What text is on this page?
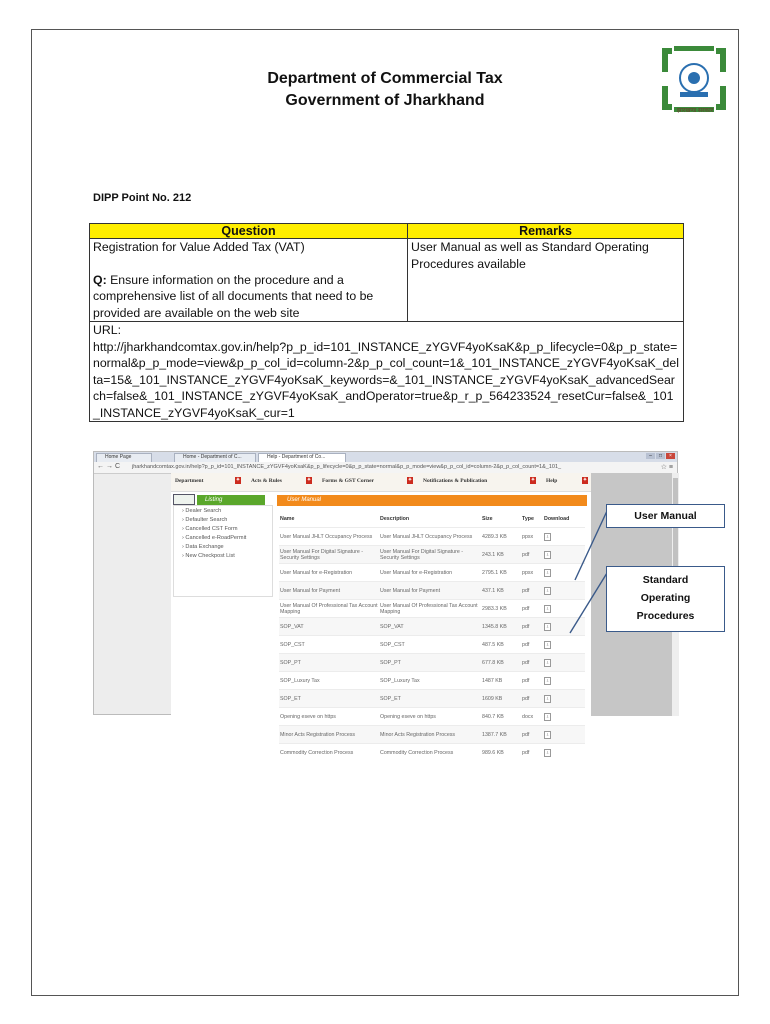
Department of Commercial Tax
Government of Jharkhand
झारखण्ड सरकार
DIPP Point No. 212
Question	Remarks

Registration for Value Added Tax (VAT)
Q: Ensure information on the procedure and a comprehensive list of all documents that need to be provided are available on the web site	User Manual as well as Standard Operating Procedures available

URL:
http://jharkhandcomtax.gov.in/help?p_p_id=101_INSTANCE_zYGVF4yoKsaK&p_p_lifecycle=0&p_p_state=normal&p_p_mode=view&p_p_col_id=column-2&p_p_col_count=1&_101_INSTANCE_zYGVF4yoKsaK_delta=15&_101_INSTANCE_zYGVF4yoKsaK_keywords=&_101_INSTANCE_zYGVF4yoKsaK_advancedSearch=false&_101_INSTANCE_zYGVF4yoKsaK_andOperator=true&p_r_p_564233524_resetCur=false&_101_INSTANCE_zYGVF4yoKsaK_cur=1	
Home Page	Home - Department of C...	Help - Department of Co...	–	□	×
←→C jharkhandcomtax.gov.in/help?p_p_id=101_INSTANCE_zYGVF4yoKsaK&p_p_lifecycle=0&p_p_state=normal&p_p_mode=view&p_p_col_id=column-2&p_p_col_count=1&_101_	☆ ≡
Department	✦ Acts & Rules	✦ Forms & GST Corner	✦ Notifications & Publication	✦ Help	✦
Listing
› Dealer Search
› Defaulter Search
› Cancelled CST Form
› Cancelled e-RoadPermit
› Data Exchange
› New Checkpost List
User Manual
Name	Description	Size	Type	Download
User Manual JHLT Occupancy Process	User Manual JHLT Occupancy Process	4289.3 KB	ppsx	⇩
User Manual For Digital Signature -Security Settings	User Manual For Digital Signature -Security Settings	243.1 KB	pdf	⇩
User Manual for e-Registration	User Manual for e-Registration	2795.1 KB	ppsx	⇩
User Manual for Payment	User Manual for Payment	437.1 KB	pdf	⇩
User Manual Of Professional Tax Account Mapping	User Manual Of Professional Tax Account Mapping	2983.3 KB	pdf	⇩
SOP_VAT	SOP_VAT	1345.8 KB	pdf	⇩
SOP_CST	SOP_CST	487.5 KB	pdf	⇩
SOP_PT	SOP_PT	677.8 KB	pdf	⇩
SOP_Luxury Tax	SOP_Luxury Tax	1487 KB	pdf	⇩
SOP_ET	SOP_ET	1609 KB	pdf	⇩
Opening eseve on https	Opening eseve on https	840.7 KB	docx	⇩
Minor Acts Registration Process	Minor Acts Registration Process	1387.7 KB	pdf	⇩
Commodity Correction Process	Commodity Correction Process	989.6 KB	pdf	⇩
User Manual
Standard
Operating
Procedures
